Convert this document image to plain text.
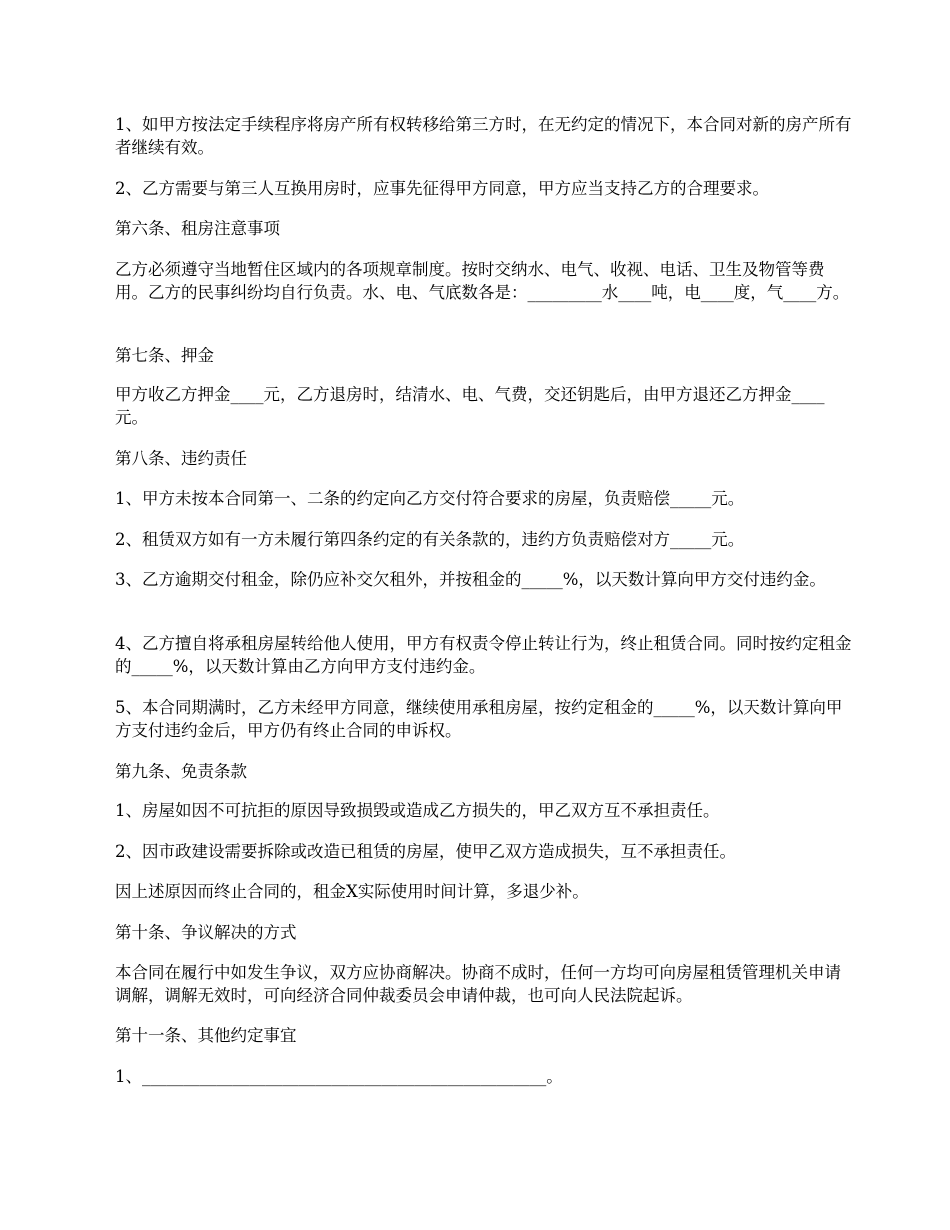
1、如甲方按法定手续程序将房产所有权转移给第三方时，在无约定的情况下，本合同对新的房产所有者继续有效。

2、乙方需要与第三人互换用房时，应事先征得甲方同意，甲方应当支持乙方的合理要求。

第六条、租房注意事项

乙方必须遵守当地暂住区域内的各项规章制度。按时交纳水、电气、收视、电话、卫生及物管等费用。乙方的民事纠纷均自行负责。水、电、气底数各是：_________水____吨，电____度，气____方。

第七条、押金

甲方收乙方押金____元，乙方退房时，结清水、电、气费，交还钥匙后，由甲方退还乙方押金____元。

第八条、违约责任

1、甲方未按本合同第一、二条的约定向乙方交付符合要求的房屋，负责赔偿_____元。

2、租赁双方如有一方未履行第四条约定的有关条款的，违约方负责赔偿对方_____元。

3、乙方逾期交付租金，除仍应补交欠租外，并按租金的_____%，以天数计算向甲方交付违约金。

4、乙方擅自将承租房屋转给他人使用，甲方有权责令停止转让行为，终止租赁合同。同时按约定租金的_____%，以天数计算由乙方向甲方支付违约金。

5、本合同期满时，乙方未经甲方同意，继续使用承租房屋，按约定租金的_____%，以天数计算向甲方支付违约金后，甲方仍有终止合同的申诉权。

第九条、免责条款

1、房屋如因不可抗拒的原因导致损毁或造成乙方损失的，甲乙双方互不承担责任。

2、因市政建设需要拆除或改造已租赁的房屋，使甲乙双方造成损失，互不承担责任。

因上述原因而终止合同的，租金X实际使用时间计算，多退少补。

第十条、争议解决的方式

本合同在履行中如发生争议，双方应协商解决。协商不成时，任何一方均可向房屋租赁管理机关申请调解，调解无效时，可向经济合同仲裁委员会申请仲裁，也可向人民法院起诉。

第十一条、其他约定事宜

1、_________________________________________________。
